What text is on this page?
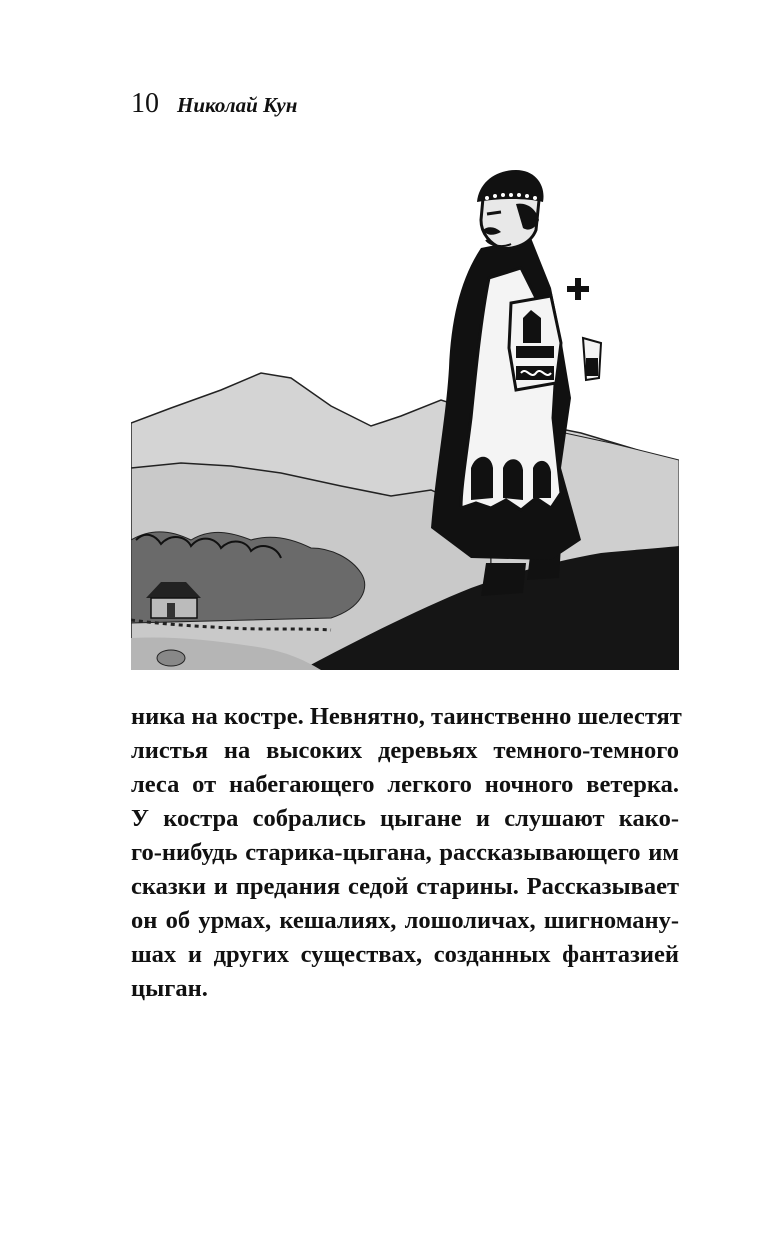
10 Николай Кун
ника на костре. Невнятно, таинственно шелестят
листья на высоких деревьях темного-темного
леса от набегающего легкого ночного ветерка.
У костра собрались цыгане и слушают како-
го-нибудь старика-цыгана, рассказывающего им
сказки и предания седой старины. Рассказывает
он об урмах, кешалиях, лошоличах, шигноману-
шах и других существах, созданных фантазией
цыган.
